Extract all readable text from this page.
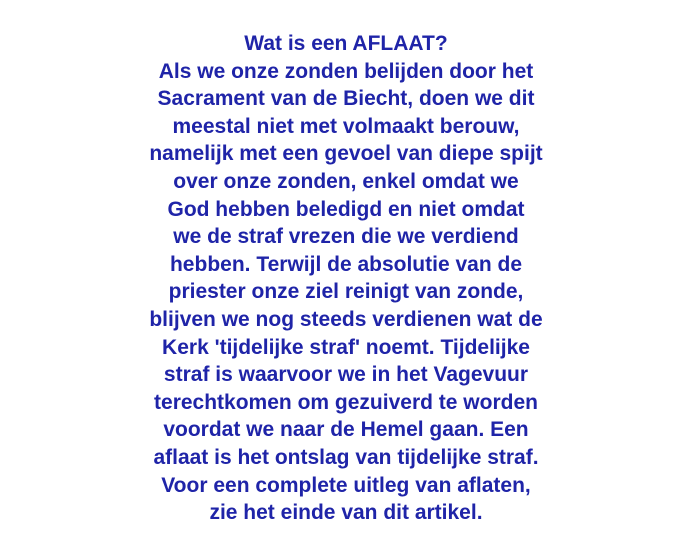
Wat is een AFLAAT?
Als we onze zonden belijden door het
Sacrament van de Biecht, doen we dit
meestal niet met volmaakt berouw,
namelijk met een gevoel van diepe spijt
over onze zonden, enkel omdat we
God hebben beledigd en niet omdat
we de straf vrezen die we verdiend
hebben. Terwijl de absolutie van de
priester onze ziel reinigt van zonde,
blijven we nog steeds verdienen wat de
Kerk 'tijdelijke straf' noemt. Tijdelijke
straf is waarvoor we in het Vagevuur
terechtkomen om gezuiverd te worden
voordat we naar de Hemel gaan. Een
aflaat is het ontslag van tijdelijke straf.
Voor een complete uitleg van aflaten,
zie het einde van dit artikel.
